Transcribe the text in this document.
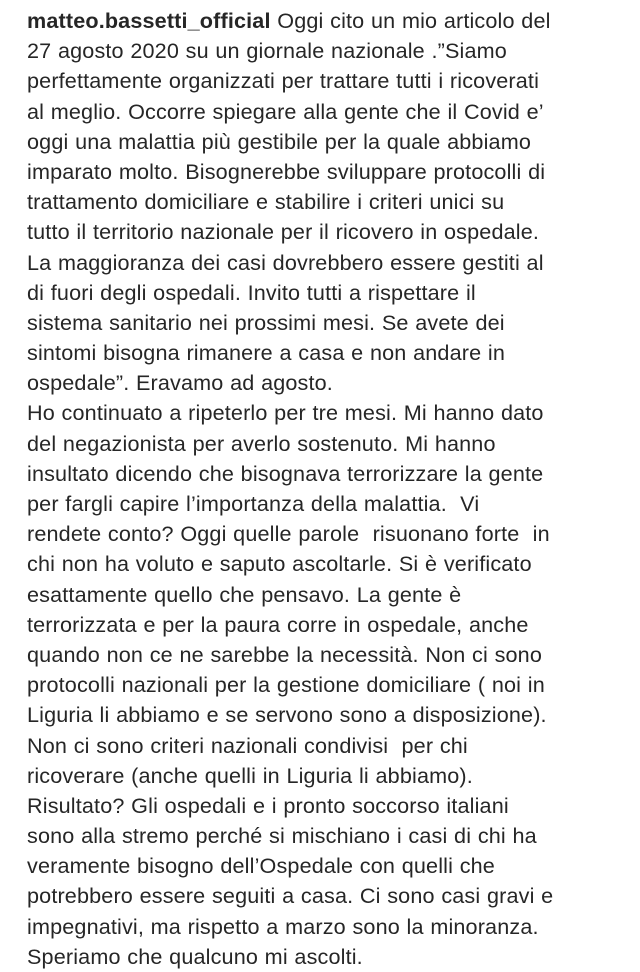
matteo.bassetti_official Oggi cito un mio articolo del
27 agosto 2020 su un giornale nazionale .”Siamo
perfettamente organizzati per trattare tutti i ricoverati
al meglio. Occorre spiegare alla gente che il Covid e’
oggi una malattia più gestibile per la quale abbiamo
imparato molto. Bisognerebbe sviluppare protocolli di
trattamento domiciliare e stabilire i criteri unici su
tutto il territorio nazionale per il ricovero in ospedale.
La maggioranza dei casi dovrebbero essere gestiti al
di fuori degli ospedali. Invito tutti a rispettare il
sistema sanitario nei prossimi mesi. Se avete dei
sintomi bisogna rimanere a casa e non andare in
ospedale”. Eravamo ad agosto.
Ho continuato a ripeterlo per tre mesi. Mi hanno dato
del negazionista per averlo sostenuto. Mi hanno
insultato dicendo che bisognava terrorizzare la gente
per fargli capire l’importanza della malattia.  Vi
rendete conto? Oggi quelle parole  risuonano forte  in
chi non ha voluto e saputo ascoltarle. Si è verificato
esattamente quello che pensavo. La gente è
terrorizzata e per la paura corre in ospedale, anche
quando non ce ne sarebbe la necessità. Non ci sono
protocolli nazionali per la gestione domiciliare ( noi in
Liguria li abbiamo e se servono sono a disposizione).
Non ci sono criteri nazionali condivisi  per chi
ricoverare (anche quelli in Liguria li abbiamo).
Risultato? Gli ospedali e i pronto soccorso italiani
sono alla stremo perché si mischiano i casi di chi ha
veramente bisogno dell’Ospedale con quelli che
potrebbero essere seguiti a casa. Ci sono casi gravi e
impegnativi, ma rispetto a marzo sono la minoranza.
Speriamo che qualcuno mi ascolti.
